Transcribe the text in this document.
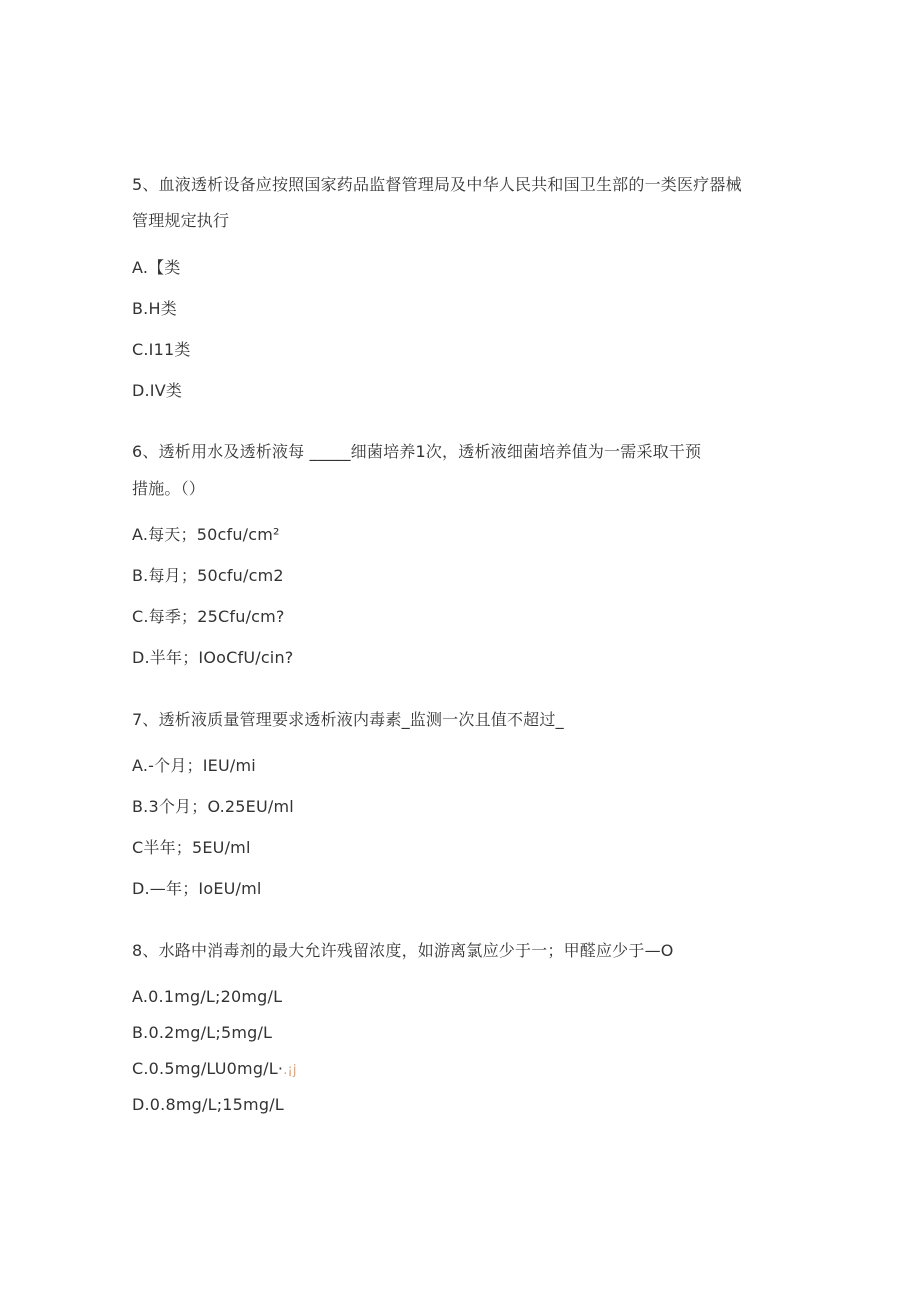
5、血液透析设备应按照国家药品监督管理局及中华人民共和国卫生部的一类医疗器械
管理规定执行
A.【类
B.H类
C.I11类
D.IV类
6、透析用水及透析液每 _____细菌培养1次，透析液细菌培养值为一需采取干预
措施。（）
A.每天；50cfu∕cm²
B.每月；50cfu∕cm2
C.每季；25Cfu/cm?
D.半年；IOoCfU/cin?
7、透析液质量管理要求透析液内毒素_监测一次且值不超过_
A.-个月；IEU∕mi
B.3个月；O.25EU∕ml
C半年；5EU∕ml
D.—年；IoEU/ml
8、水路中消毒剂的最大允许残留浓度，如游离氯应少于一；甲醛应少于—O
A.0.1mg/L;20mg∕L
B.0.2mg/L;5mg/L
C.0.5mg∕LU0mg∕L·.¡j
D.0.8mg/L;15mg∕L
